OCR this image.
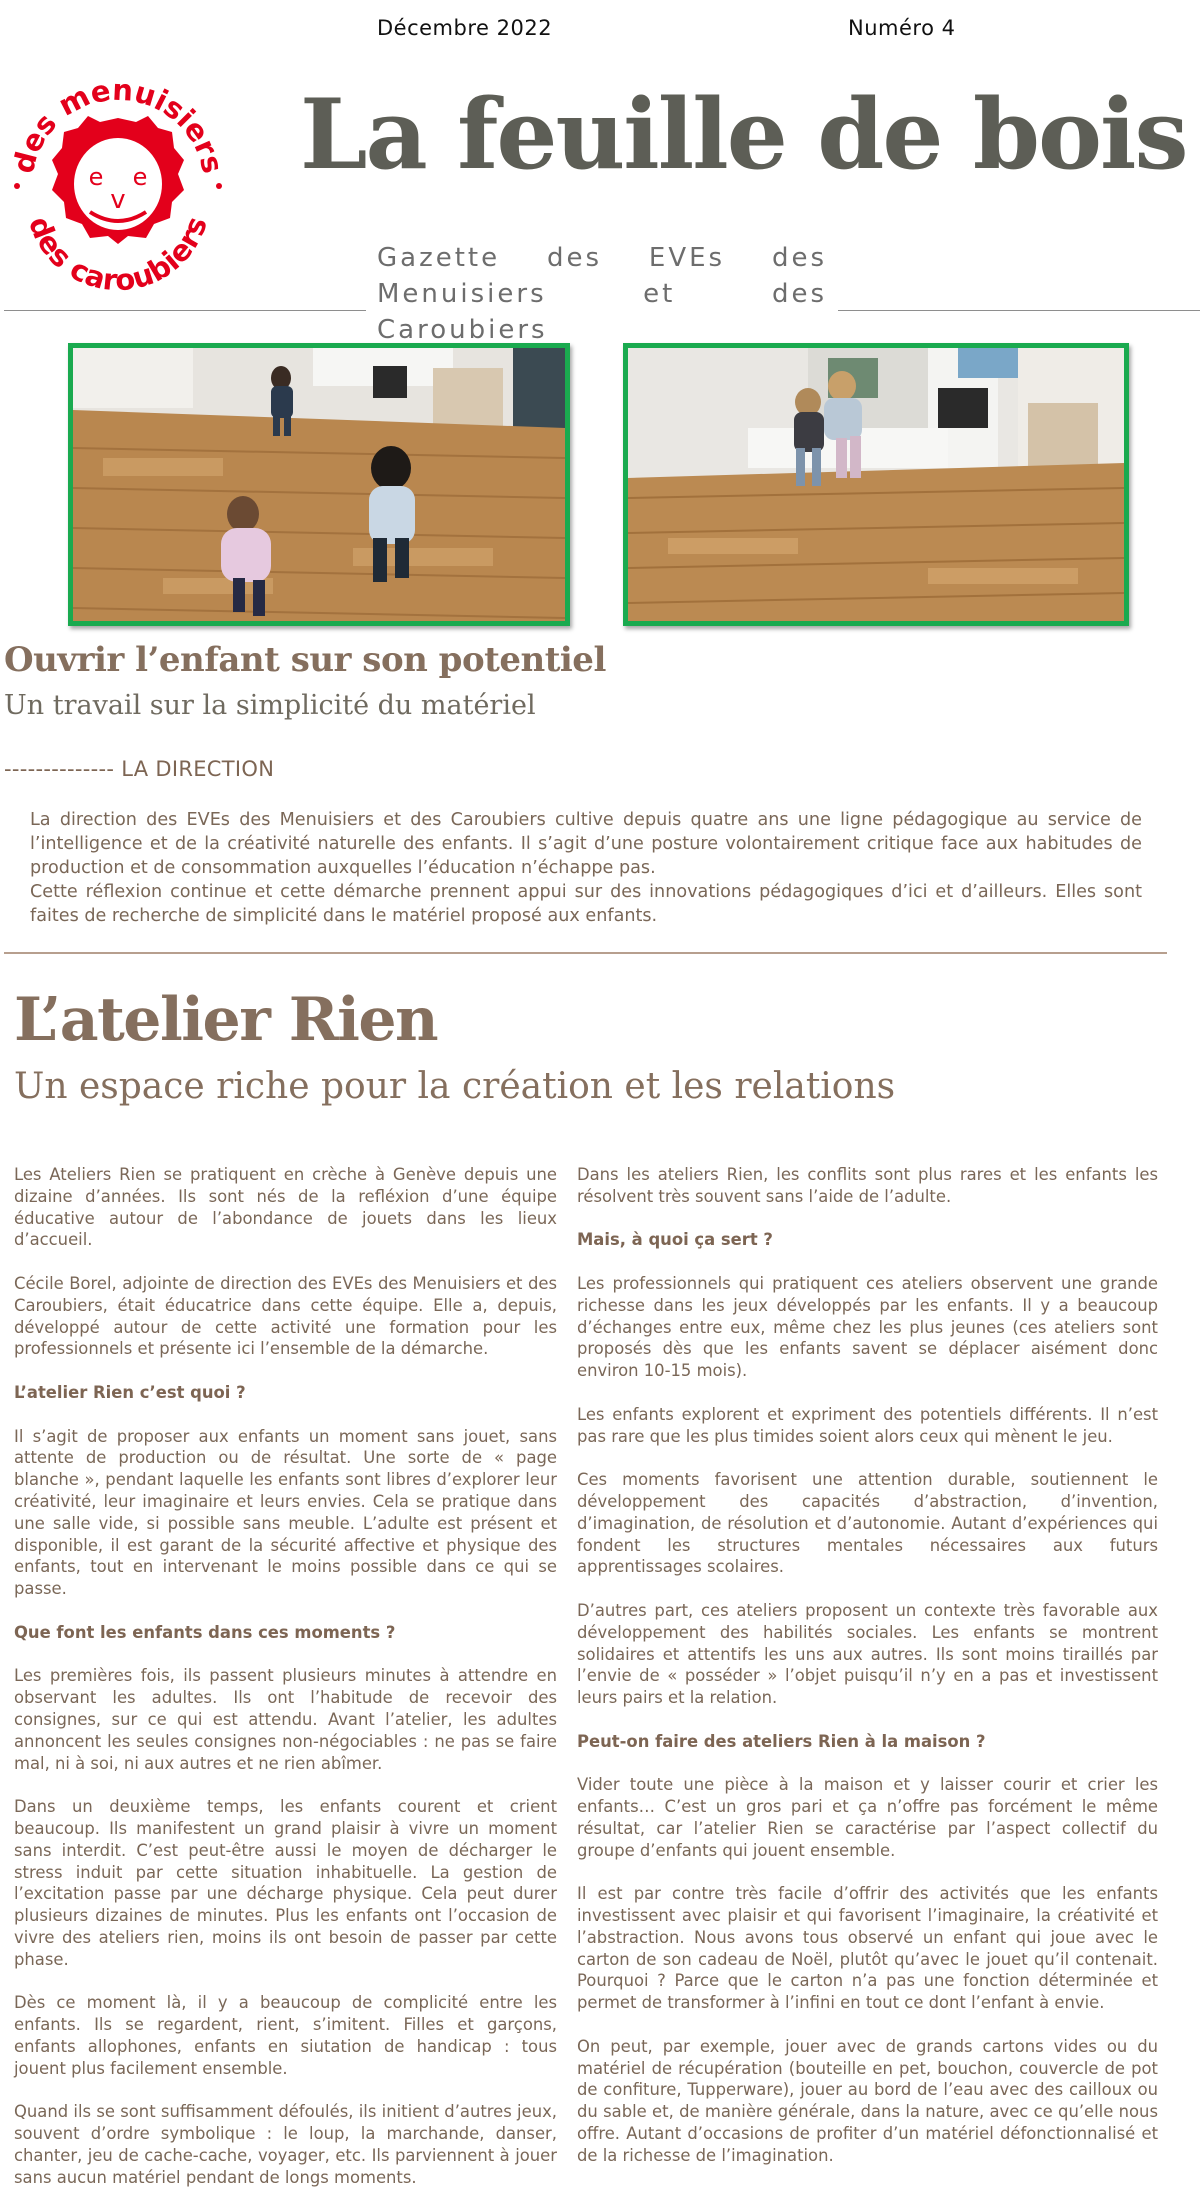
Décembre 2022	Numéro 4
des menuisiers
des caroubiers
e e
v
La feuille de bois
Gazette des EVEs des Menuisiers et des Caroubiers
Ouvrir l’enfant sur son potentiel
Un travail sur la simplicité du matériel
-------------- LA DIRECTION

La direction des EVEs des Menuisiers et des Caroubiers cultive depuis quatre ans une ligne pédagogique au service de l’intelligence et de la créativité naturelle des enfants. Il s’agit d’une posture volontairement critique face aux habitudes de production et de consommation auxquelles l’éducation n’échappe pas.

Cette réflexion continue et cette démarche prennent appui sur des innovations pédagogiques d’ici et d’ailleurs. Elles sont faites de recherche de simplicité dans le matériel proposé aux enfants.

L’atelier Rien
Un espace riche pour la création et les relations

Les Ateliers Rien se pratiquent en crèche à Genève depuis une dizaine d’années. Ils sont nés de la refléxion d’une équipe éducative autour de l’abondance de jouets dans les lieux d’accueil.

Cécile Borel, adjointe de direction des EVEs des Menuisiers et des Caroubiers, était éducatrice dans cette équipe. Elle a, depuis, développé autour de cette activité une formation pour les professionnels et présente ici l’ensemble de la démarche.

L’atelier Rien c’est quoi ?

Il s’agit de proposer aux enfants un moment sans jouet, sans attente de production ou de résultat. Une sorte de « page blanche », pendant laquelle les enfants sont libres d’explorer leur créativité, leur imaginaire et leurs envies. Cela se pratique dans une salle vide, si possible sans meuble. L’adulte est présent et disponible, il est garant de la sécurité affective et physique des enfants, tout en intervenant le moins possible dans ce qui se passe.

Que font les enfants dans ces moments ?

Les premières fois, ils passent plusieurs minutes à attendre en observant les adultes. Ils ont l’habitude de recevoir des consignes, sur ce qui est attendu. Avant l’atelier, les adultes annoncent les seules consignes non-négociables : ne pas se faire mal, ni à soi, ni aux autres et ne rien abîmer.

Dans un deuxième temps, les enfants courent et crient beaucoup. Ils manifestent un grand plaisir à vivre un moment sans interdit. C’est peut-être aussi le moyen de décharger le stress induit par cette situation inhabituelle. La gestion de l’excitation passe par une décharge physique. Cela peut durer plusieurs dizaines de minutes. Plus les enfants ont l’occasion de vivre des ateliers rien, moins ils ont besoin de passer par cette phase.

Dès ce moment là, il y a beaucoup de complicité entre les enfants. Ils se regardent, rient, s’imitent. Filles et garçons, enfants allophones, enfants en siutation de handicap : tous jouent plus facilement ensemble.

Quand ils se sont suffisamment défoulés, ils initient d’autres jeux, souvent d’ordre symbolique : le loup, la marchande, danser, chanter, jeu de cache-cache, voyager, etc. Ils parviennent à jouer sans aucun matériel pendant de longs moments.

Dans les ateliers Rien, les conflits sont plus rares et les enfants les résolvent très souvent sans l’aide de l’adulte.

Mais, à quoi ça sert ?

Les professionnels qui pratiquent ces ateliers observent une grande richesse dans les jeux développés par les enfants. Il y a beaucoup d’échanges entre eux, même chez les plus jeunes (ces ateliers sont proposés dès que les enfants savent se déplacer aisément donc environ 10-15 mois).

Les enfants explorent et expriment des potentiels différents. Il n’est pas rare que les plus timides soient alors ceux qui mènent le jeu.

Ces moments favorisent une attention durable, soutiennent le développement des capacités d’abstraction, d’invention, d’imagination, de résolution et d’autonomie. Autant d’expériences qui fondent les structures mentales nécessaires aux futurs apprentissages scolaires.

D’autres part, ces ateliers proposent un contexte très favorable aux développement des habilités sociales. Les enfants se montrent solidaires et attentifs les uns aux autres. Ils sont moins tiraillés par l’envie de « posséder » l’objet puisqu’il n’y en a pas et investissent leurs pairs et la relation.

Peut-on faire des ateliers Rien à la maison ?

Vider toute une pièce à la maison et y laisser courir et crier les enfants… C’est un gros pari et ça n’offre pas forcément le même résultat, car l’atelier Rien se caractérise par l’aspect collectif du groupe d’enfants qui jouent ensemble.

Il est par contre très facile d’offrir des activités que les enfants investissent avec plaisir et qui favorisent l’imaginaire, la créativité et l’abstraction. Nous avons tous observé un enfant qui joue avec le carton de son cadeau de Noël, plutôt qu’avec le jouet qu’il contenait. Pourquoi ? Parce que le carton n’a pas une fonction déterminée et permet de transformer à l’infini en tout ce dont l’enfant à envie.

On peut, par exemple, jouer avec de grands cartons vides ou du matériel de récupération (bouteille en pet, bouchon, couvercle de pot de confiture, Tupperware), jouer au bord de l’eau avec des cailloux ou du sable et, de manière générale, dans la nature, avec ce qu’elle nous offre. Autant d’occasions de profiter d’un matériel défonctionnalisé et de la richesse de l’imagination.
